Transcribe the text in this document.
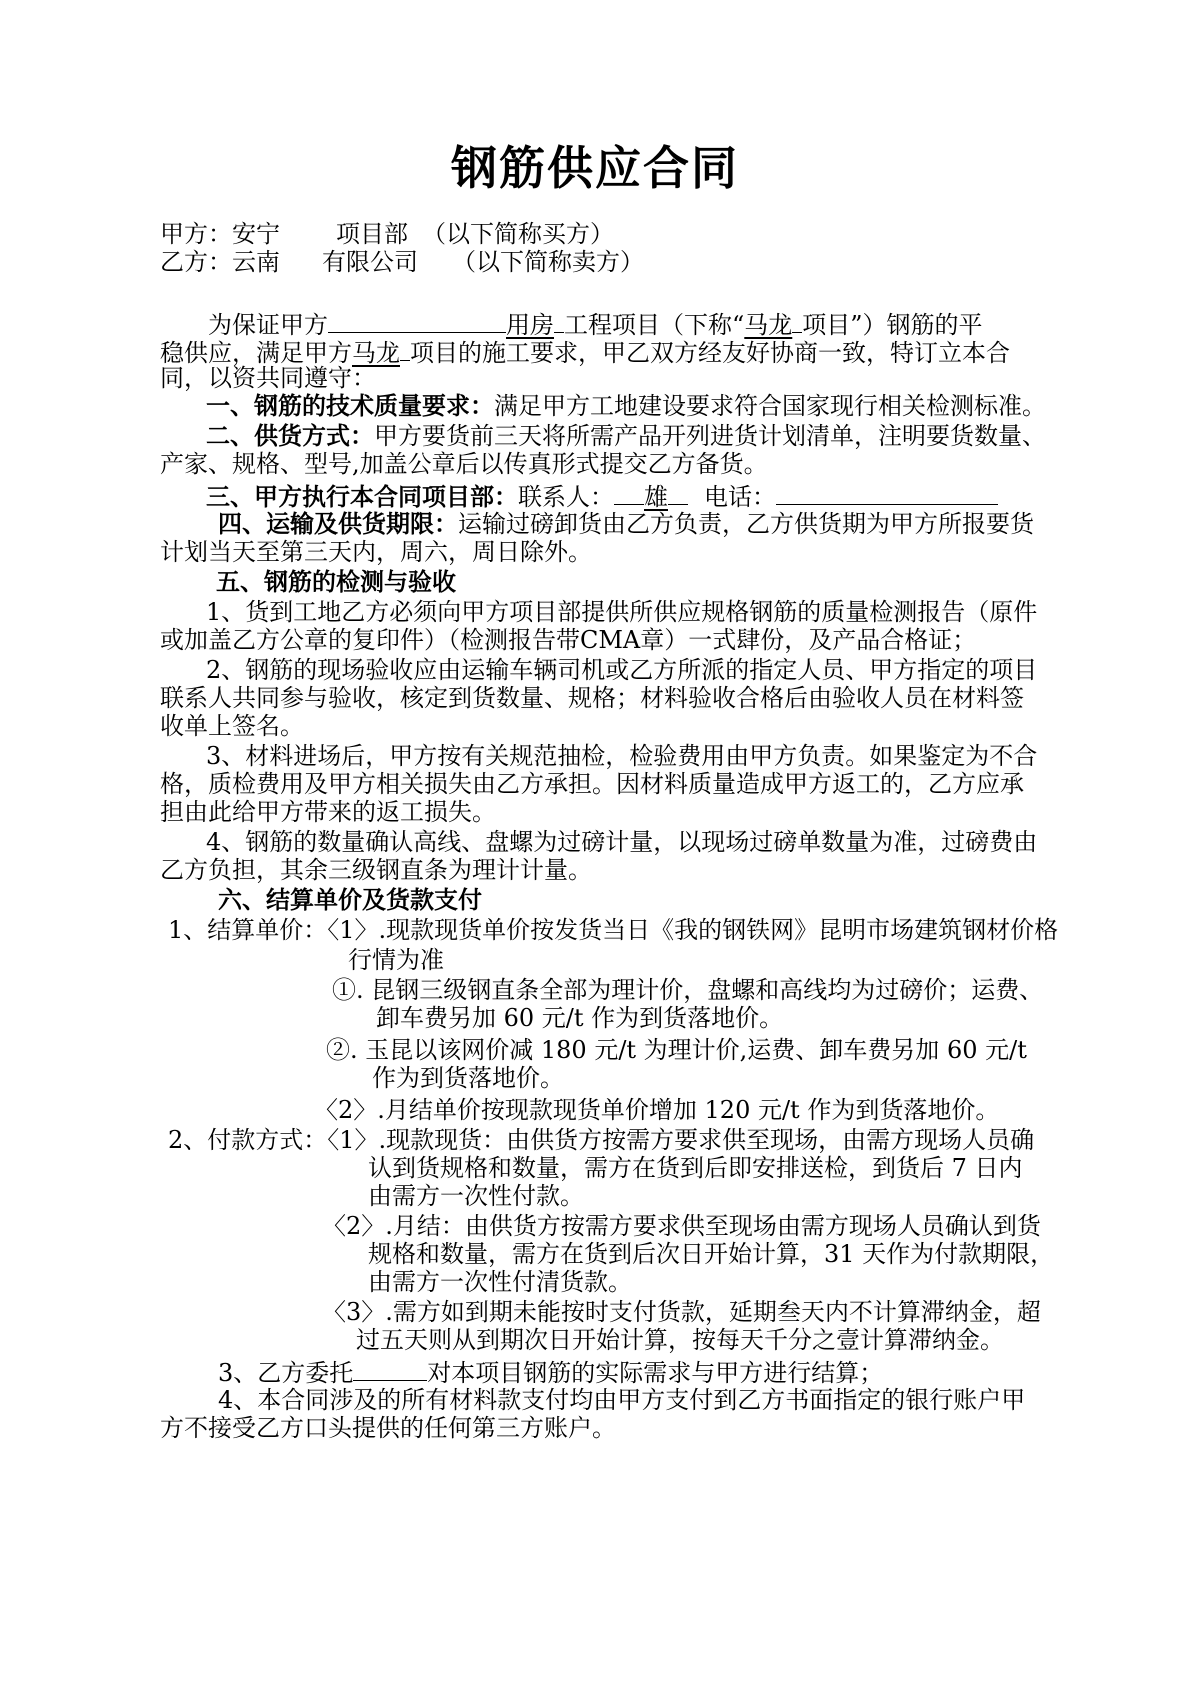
钢筋供应合同
甲方：安宁 项目部 （以下简称买方）
乙方：云南 有限公司 （以下简称卖方）
为保证甲方	用房 工程项目（下称“马龙 项目”）钢筋的平
稳供应，满足甲方马龙 项目的施工要求，甲乙双方经友好协商一致，特订立本合
同，以资共同遵守：
一、钢筋的技术质量要求：满足甲方工地建设要求符合国家现行相关检测标准。
二、供货方式：甲方要货前三天将所需产品开列进货计划清单，注明要货数量、
产家、规格、型号,加盖公章后以传真形式提交乙方备货。
三、甲方执行本合同项目部：联系人： 雄 电话：
四、运输及供货期限：运输过磅卸货由乙方负责，乙方供货期为甲方所报要货
计划当天至第三天内，周六，周日除外。
五、钢筋的检测与验收
1、货到工地乙方必须向甲方项目部提供所供应规格钢筋的质量检测报告（原件
或加盖乙方公章的复印件）（检测报告带CMA章）一式肆份，及产品合格证；
2、钢筋的现场验收应由运输车辆司机或乙方所派的指定人员、甲方指定的项目
联系人共同参与验收，核定到货数量、规格；材料验收合格后由验收人员在材料签
收单上签名。
3、材料进场后，甲方按有关规范抽检，检验费用由甲方负责。如果鉴定为不合
格，质检费用及甲方相关损失由乙方承担。因材料质量造成甲方返工的，乙方应承
担由此给甲方带来的返工损失。
4、钢筋的数量确认高线、盘螺为过磅计量，以现场过磅单数量为准，过磅费由
乙方负担，其余三级钢直条为理计计量。
六、结算单价及货款支付
1、结算单价：〈1〉.现款现货单价按发货当日《我的钢铁网》昆明市场建筑钢材价格
行情为准
①. 昆钢三级钢直条全部为理计价，盘螺和高线均为过磅价；运费、
卸车费另加 60 元/t 作为到货落地价。
②. 玉昆以该网价减 180 元/t 为理计价,运费、卸车费另加 60 元/t
作为到货落地价。
〈2〉.月结单价按现款现货单价增加 120 元/t 作为到货落地价。
2、付款方式：〈1〉.现款现货：由供货方按需方要求供至现场，由需方现场人员确
认到货规格和数量，需方在货到后即安排送检，到货后 7 日内
由需方一次性付款。
〈2〉.月结：由供货方按需方要求供至现场由需方现场人员确认到货
规格和数量，需方在货到后次日开始计算，31 天作为付款期限，
由需方一次性付清货款。
〈3〉.需方如到期未能按时支付货款，延期叁天内不计算滞纳金，超
过五天则从到期次日开始计算，按每天千分之壹计算滞纳金。
3、乙方委托	对本项目钢筋的实际需求与甲方进行结算；
4、本合同涉及的所有材料款支付均由甲方支付到乙方书面指定的银行账户甲
方不接受乙方口头提供的任何第三方账户。
